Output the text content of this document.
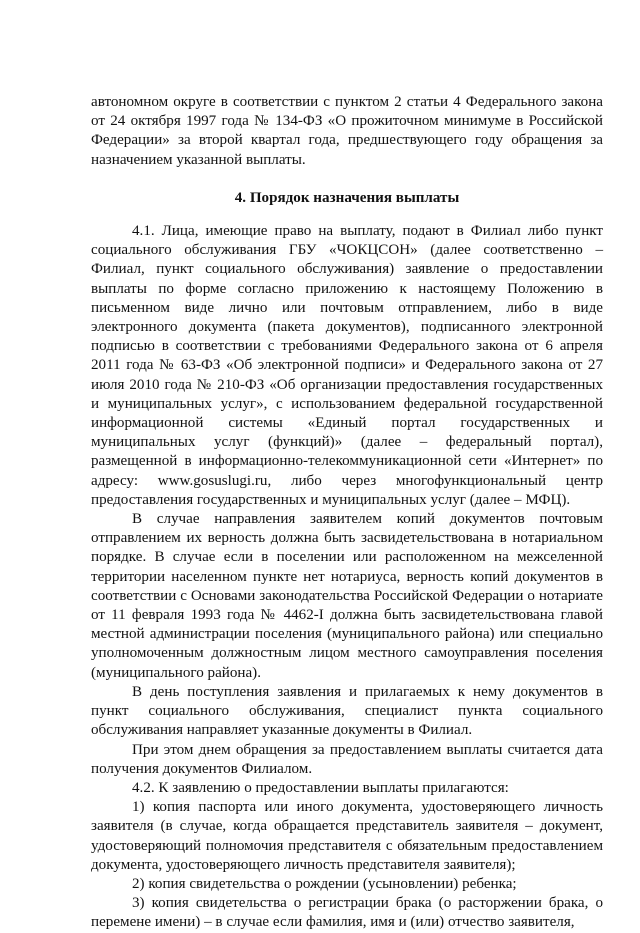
автономном округе в соответствии с пунктом 2 статьи 4 Федерального закона от 24 октября 1997 года № 134-ФЗ «О прожиточном минимуме в Российской Федерации» за второй квартал года, предшествующего году обращения за назначением указанной выплаты.

4. Порядок назначения выплаты

4.1. Лица, имеющие право на выплату, подают в Филиал либо пункт социального обслуживания ГБУ «ЧОКЦСОН» (далее соответственно – Филиал, пункт социального обслуживания) заявление о предоставлении выплаты по форме согласно приложению к настоящему Положению в письменном виде лично или почтовым отправлением, либо в виде электронного документа (пакета документов), подписанного электронной подписью в соответствии с требованиями Федерального закона от 6 апреля 2011 года № 63-ФЗ «Об электронной подписи» и Федерального закона от 27 июля 2010 года № 210-ФЗ «Об организации предоставления государственных и муниципальных услуг», с использованием федеральной государственной информационной системы «Единый портал государственных и муниципальных услуг (функций)» (далее – федеральный портал), размещенной в информационно-телекоммуникационной сети «Интернет» по адресу: www.gosuslugi.ru, либо через многофункциональный центр предоставления государственных и муниципальных услуг (далее – МФЦ).

В случае направления заявителем копий документов почтовым отправлением их верность должна быть засвидетельствована в нотариальном порядке. В случае если в поселении или расположенном на межселенной территории населенном пункте нет нотариуса, верность копий документов в соответствии с Основами законодательства Российской Федерации о нотариате от 11 февраля 1993 года № 4462-I должна быть засвидетельствована главой местной администрации поселения (муниципального района) или специально уполномоченным должностным лицом местного самоуправления поселения (муниципального района).

В день поступления заявления и прилагаемых к нему документов в пункт социального обслуживания, специалист пункта социального обслуживания направляет указанные документы в Филиал.

При этом днем обращения за предоставлением выплаты считается дата получения документов Филиалом.

4.2. К заявлению о предоставлении выплаты прилагаются:

1) копия паспорта или иного документа, удостоверяющего личность заявителя (в случае, когда обращается представитель заявителя – документ, удостоверяющий полномочия представителя с обязательным предоставлением документа, удостоверяющего личность представителя заявителя);

2) копия свидетельства о рождении (усыновлении) ребенка;

3) копия свидетельства о регистрации брака (о расторжении брака, о перемене имени) – в случае если фамилия, имя и (или) отчество заявителя,
